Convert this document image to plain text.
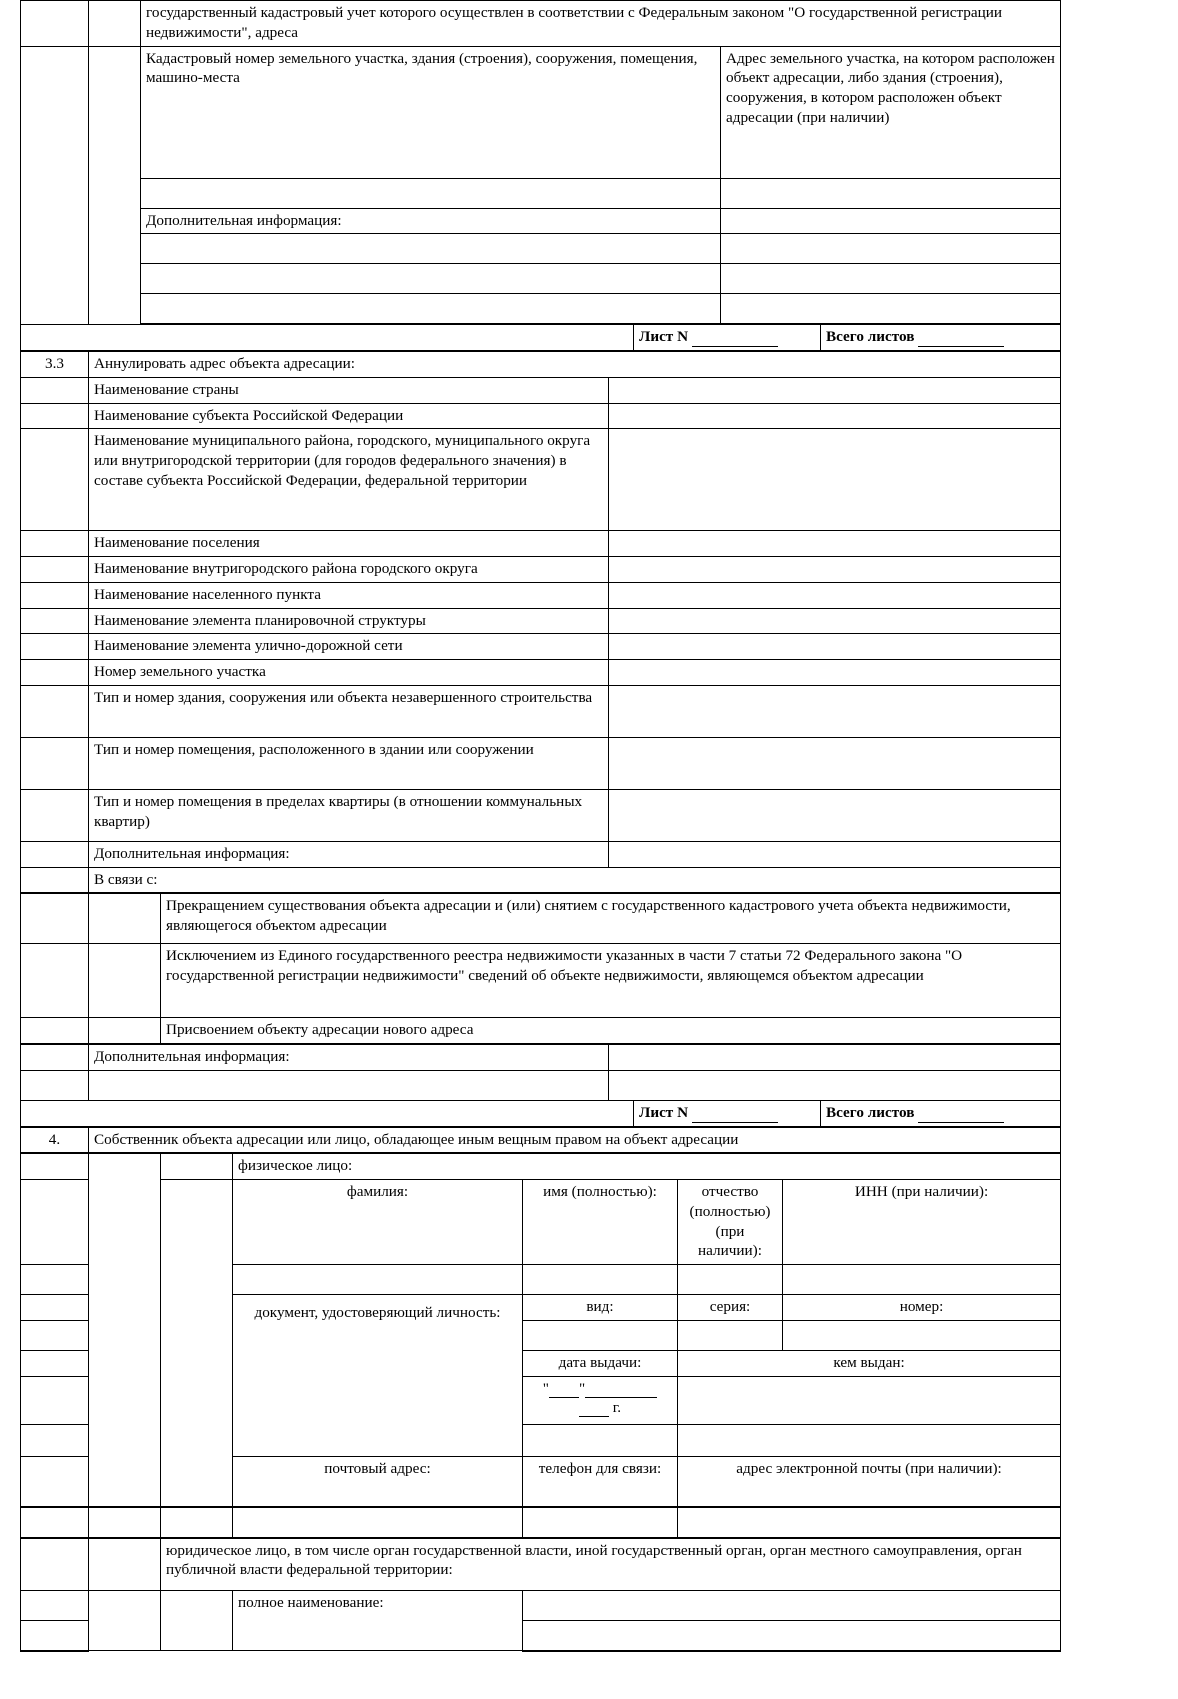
		государственный кадастровый учет которого осуществлен в соответствии с Федеральным законом "О государственной регистрации недвижимости", адреса	
		Кадастровый номер земельного участка, здания (строения), сооружения, помещения, машино-места	Адрес земельного участка, на котором расположен объект адресации, либо здания (строения), сооружения, в котором расположен объект адресации (при наличии)

		Дополнительная информация:	

	Лист N	Всего листов
3.3	Аннулировать адрес объекта адресации:	
	Наименование страны	
	Наименование субъекта Российской Федерации	
	Наименование муниципального района, городского, муниципального округа или внутригородской территории (для городов федерального значения) в составе субъекта Российской Федерации, федеральной территории	
	Наименование поселения	
	Наименование внутригородского района городского округа	
	Наименование населенного пункта	
	Наименование элемента планировочной структуры	
	Наименование элемента улично-дорожной сети	
	Номер земельного участка	
	Тип и номер здания, сооружения или объекта незавершенного строительства	
	Тип и номер помещения, расположенного в здании или сооружении	
	Тип и номер помещения в пределах квартиры (в отношении коммунальных квартир)	
	Дополнительная информация:	
	В связи с:	
		Прекращением существования объекта адресации и (или) снятием с государственного кадастрового учета объекта недвижимости, являющегося объектом адресации
		Исключением из Единого государственного реестра недвижимости указанных в части 7 статьи 72 Федерального закона "О государственной регистрации недвижимости" сведений об объекте недвижимости, являющемся объектом адресации
		Присвоением объекту адресации нового адреса
	Дополнительная информация:	

	Лист N	Всего листов
4.	Собственник объекта адресации или лицо, обладающее иным вещным правом на объект адресации
			физическое лицо:			
			фамилия:	имя (полностью):	отчество (полностью) (при наличии):	ИНН (при наличии):

			документ, удостоверяющий личность:	вид:	серия:	номер:

				дата выдачи:	кем выдан:	

				" "
г.		

			почтовый адрес:	телефон для связи:	адрес электронной почты (при наличии):	

		юридическое лицо, в том числе орган государственной власти, иной государственный орган, орган местного самоуправления, орган публичной власти федеральной территории:		
			полное наименование:	
